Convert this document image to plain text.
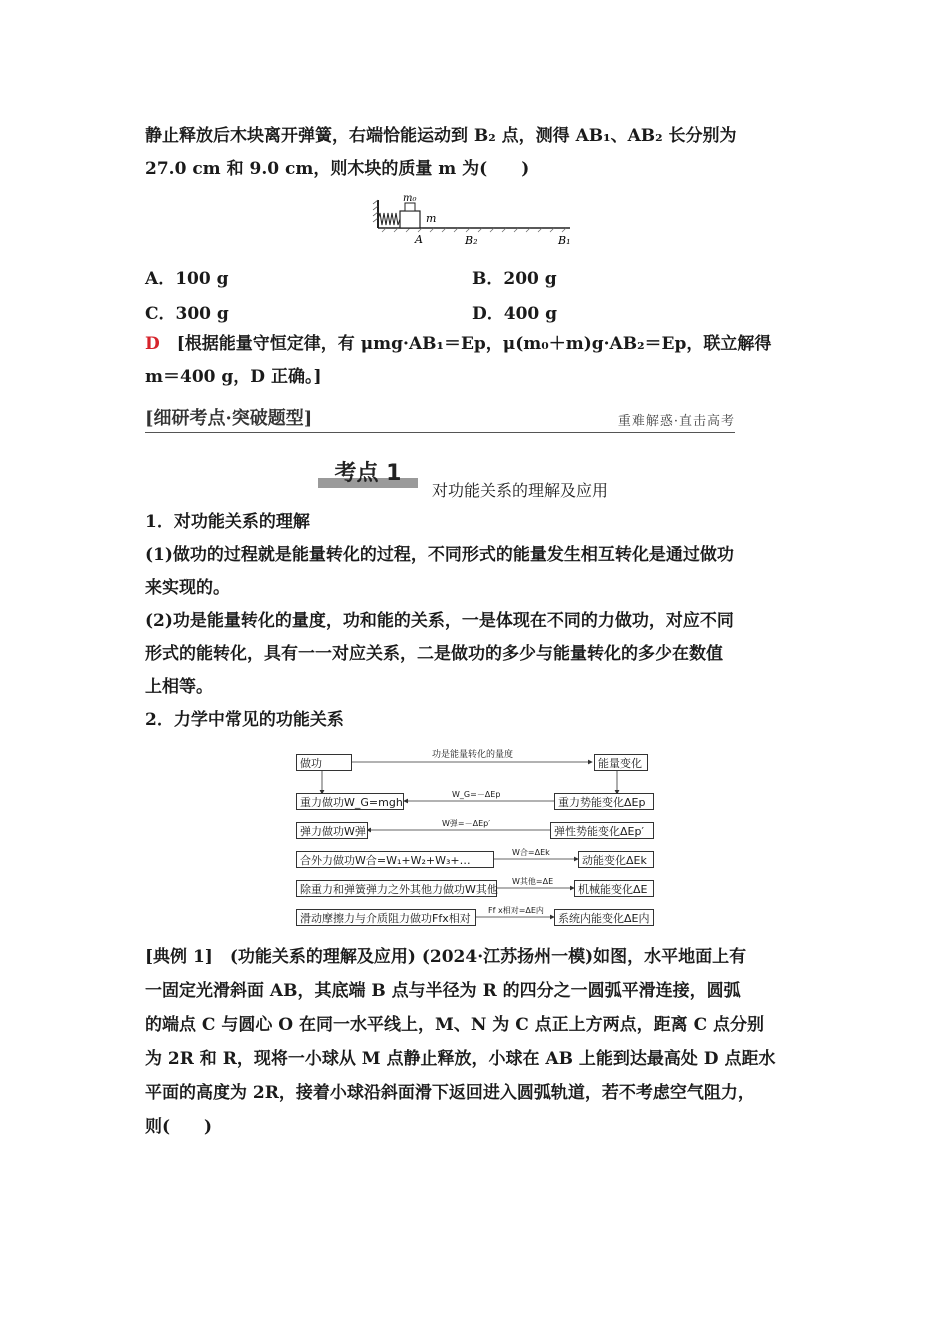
静止释放后木块离开弹簧，右端恰能运动到 B₂ 点，测得 AB₁、AB₂ 长分别为
27.0 cm 和 9.0 cm，则木块的质量 m 为(　　)
m₀
m
A	B₂	B₁
A．100 g	B．200 g
C．300 g	D．400 g
D　 [根据能量守恒定律，有 μmg·AB₁＝Ep，μ(m₀＋m)g·AB₂＝Ep，联立解得
m＝400 g，D 正确。]
[细研考点·突破题型]	重难解惑·直击高考
考点 1
对功能关系的理解及应用
1．对功能关系的理解
(1)做功的过程就是能量转化的过程，不同形式的能量发生相互转化是通过做功
来实现的。
(2)功是能量转化的量度，功和能的关系，一是体现在不同的力做功，对应不同
形式的能转化，具有一一对应关系，二是做功的多少与能量转化的多少在数值
上相等。
2．力学中常见的功能关系
做功	能量变化
功是能量转化的量度
重力做功W_G=mgh
W_G=－ΔEp
重力势能变化ΔEp
弹力做功W弹
W弹=－ΔEp′
弹性势能变化ΔEp′
合外力做功W合=W₁+W₂+W₃+…
W合=ΔEk
动能变化ΔEk
除重力和弹簧弹力之外其他力做功W其他
W其他=ΔE
机械能变化ΔE
滑动摩擦力与介质阻力做功Ffx相对
Ff x相对=ΔE内
系统内能变化ΔE内
[典例 1]　(功能关系的理解及应用) (2024·江苏扬州一模)如图，水平地面上有
一固定光滑斜面 AB，其底端 B 点与半径为 R 的四分之一圆弧平滑连接，圆弧
的端点 C 与圆心 O 在同一水平线上，M、N 为 C 点正上方两点，距离 C 点分别
为 2R 和 R，现将一小球从 M 点静止释放，小球在 AB 上能到达最高处 D 点距水
平面的高度为 2R，接着小球沿斜面滑下返回进入圆弧轨道，若不考虑空气阻力，
则(　　)
